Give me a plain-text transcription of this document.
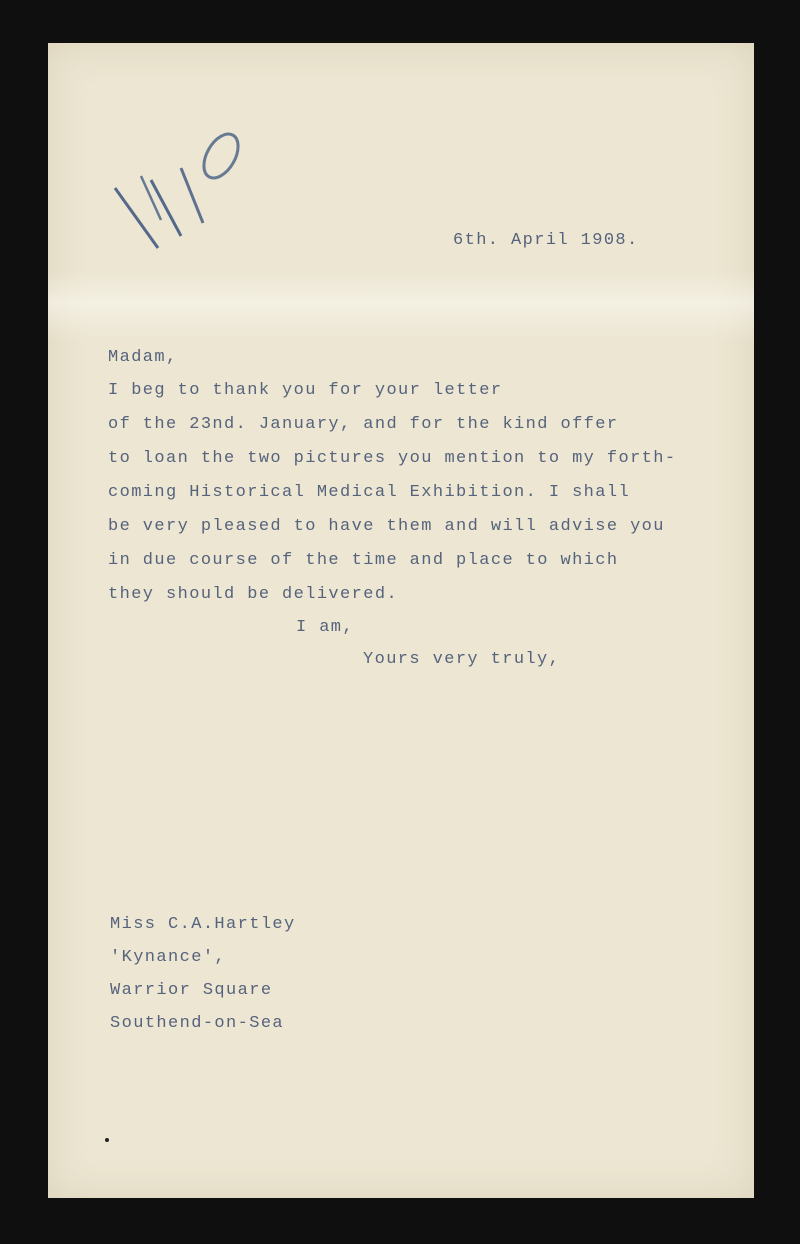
6th. April 1908.
Madam,
I beg to thank you for your letter
of the 23nd. January, and for the kind offer
to loan the two pictures you mention to my forth-
coming Historical Medical Exhibition. I shall
be very pleased to have them and will advise you
in due course of the time and place to which
they should be delivered.
I am,
Yours very truly,
Miss C.A.Hartley
'Kynance',
Warrior Square
Southend-on-Sea
